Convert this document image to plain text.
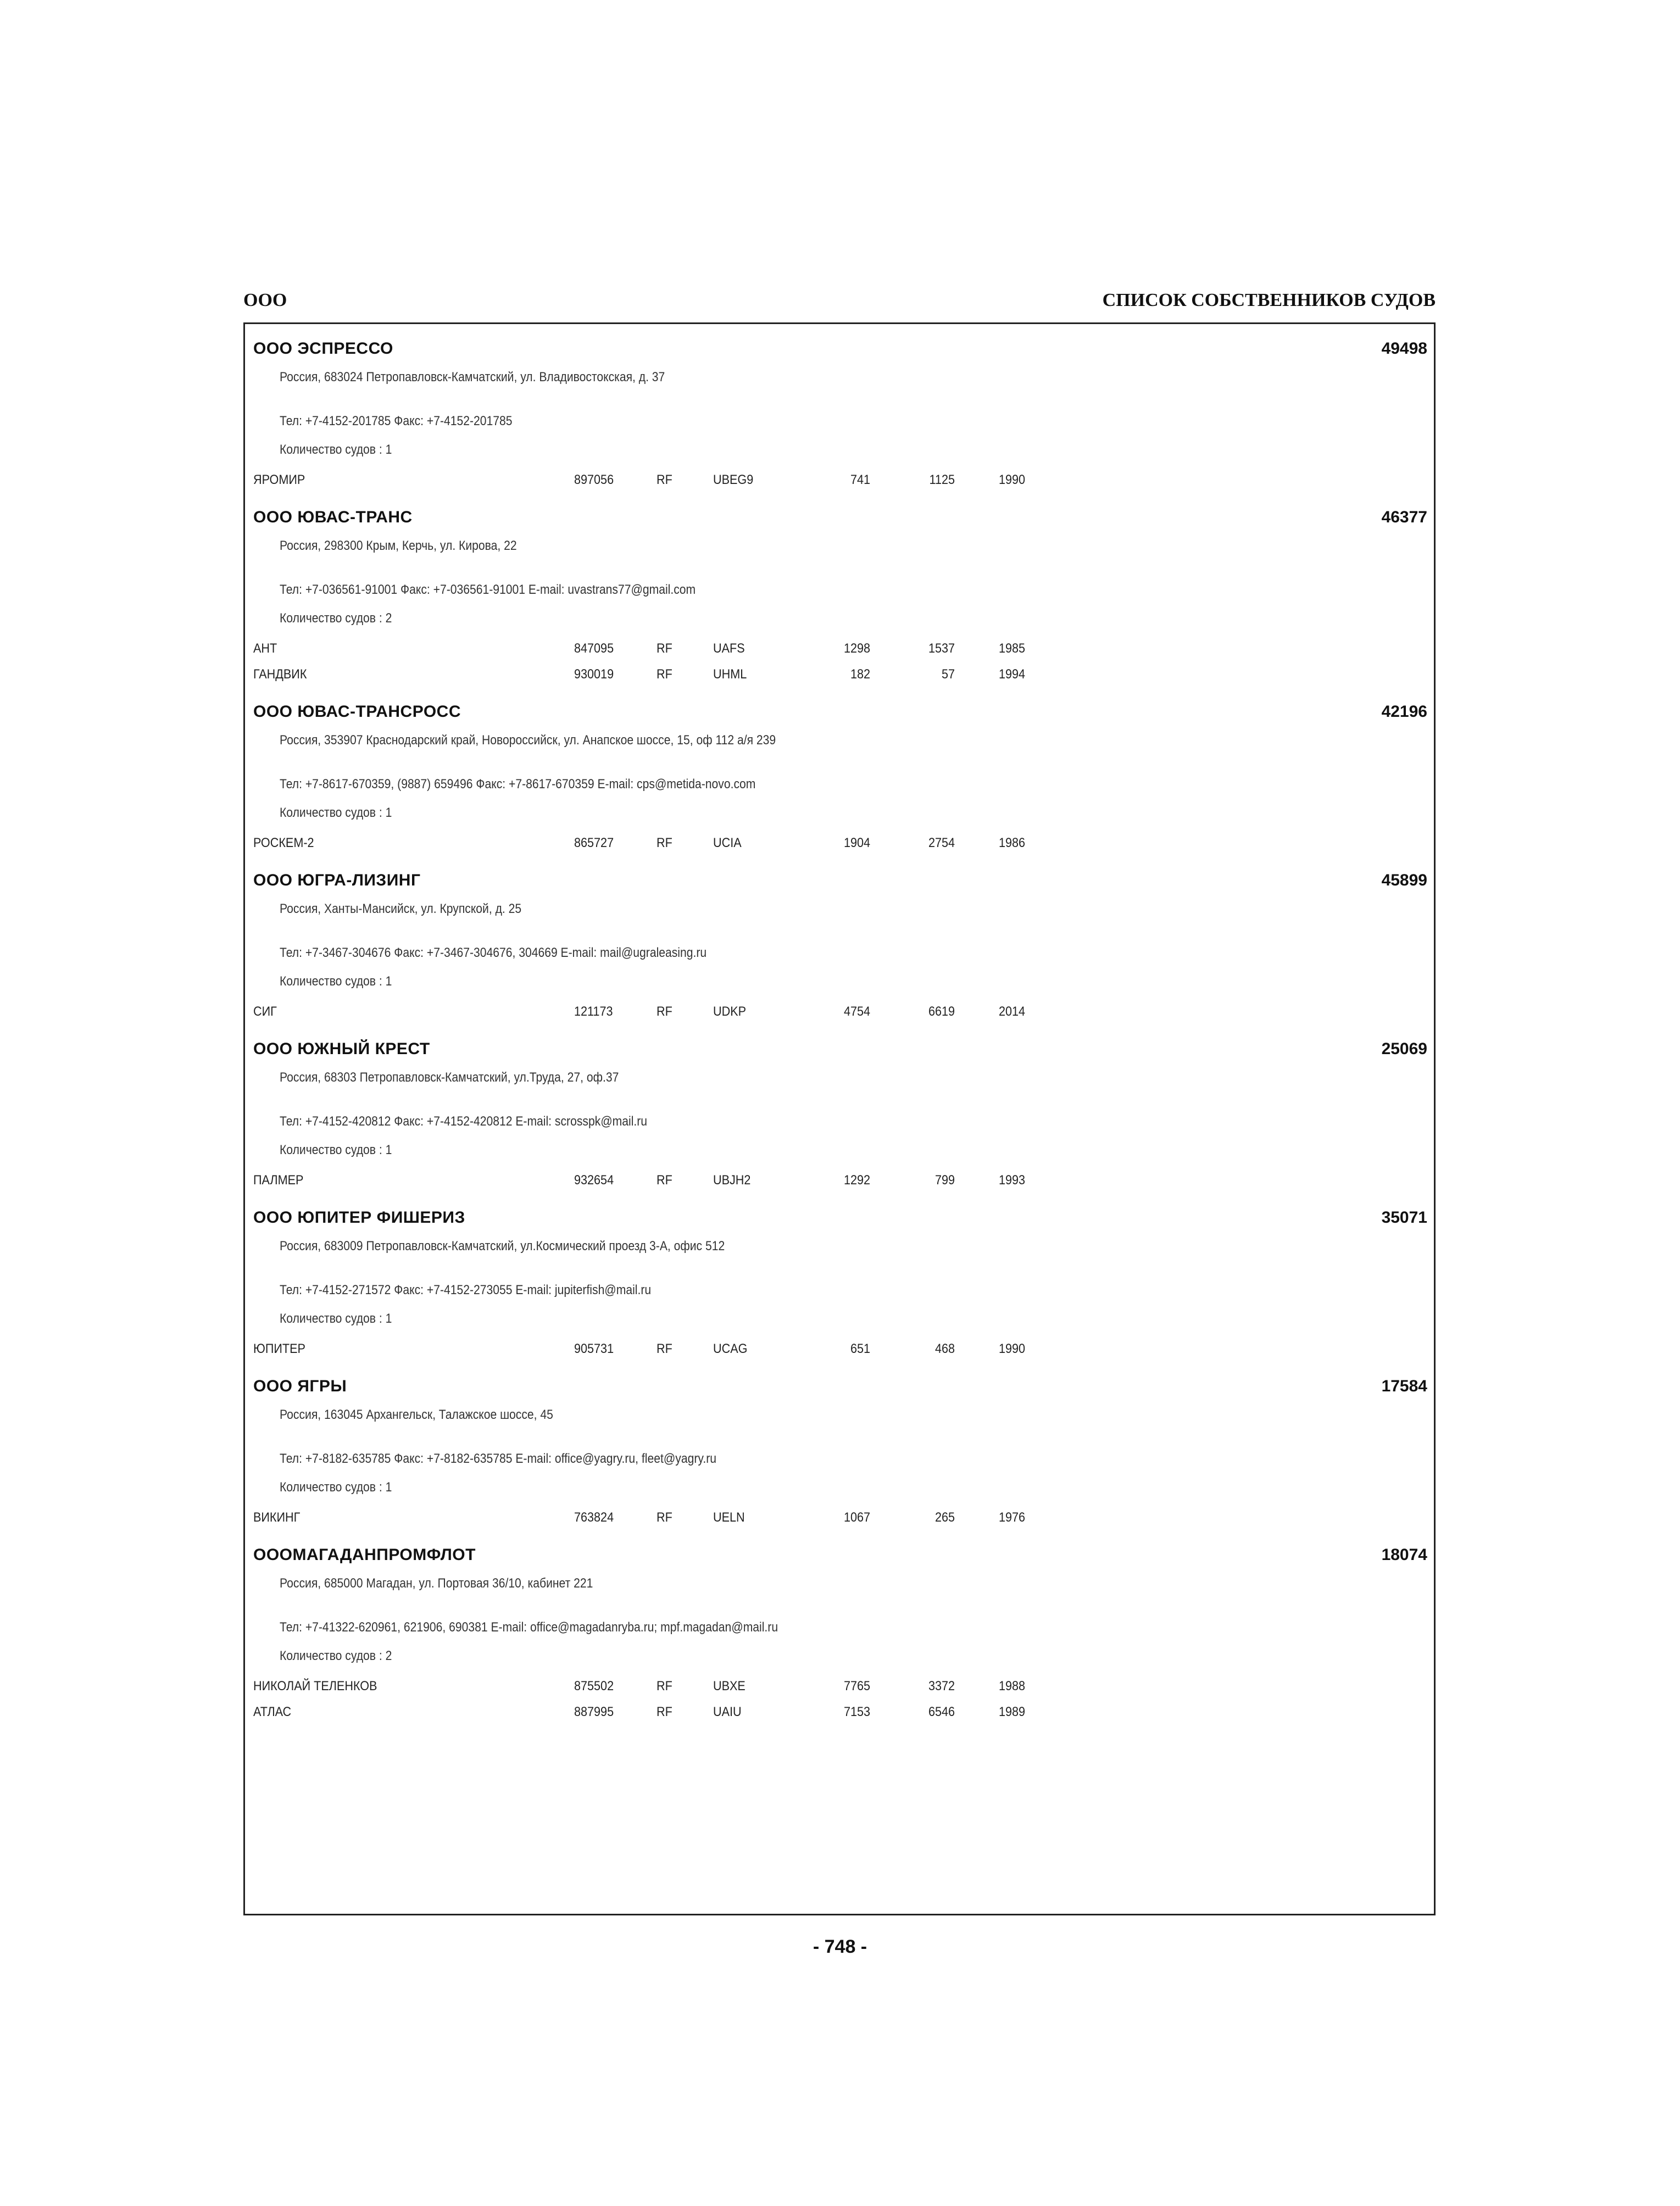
ООО	СПИСОК СОБСТВЕННИКОВ СУДОВ
ООО ЭСПРЕССО	49498
Россия, 683024 Петропавловск-Камчатский, ул. Владивостокская, д. 37
Тел: +7-4152-201785 Факс: +7-4152-201785
Количество судов : 1
ЯРОМИР	897056	RF	UBEG9	741	1125	1990
ООО ЮВАС-ТРАНС	46377
Россия, 298300 Крым, Керчь, ул. Кирова, 22
Тел: +7-036561-91001 Факс: +7-036561-91001 E-mail: uvastrans77@gmail.com
Количество судов : 2
АНТ	847095	RF	UAFS	1298	1537	1985
ГАНДВИК	930019	RF	UHML	182	57	1994
ООО ЮВАС-ТРАНСРОСС	42196
Россия, 353907 Краснодарский край, Новороссийск, ул. Анапское шоссе, 15, оф 112 а/я 239
Тел: +7-8617-670359, (9887) 659496 Факс: +7-8617-670359 E-mail: cps@metida-novo.com
Количество судов : 1
РОСКЕМ-2	865727	RF	UCIA	1904	2754	1986
ООО ЮГРА-ЛИЗИНГ	45899
Россия, Ханты-Мансийск, ул. Крупской, д. 25
Тел: +7-3467-304676 Факс: +7-3467-304676, 304669 E-mail: mail@ugraleasing.ru
Количество судов : 1
СИГ	121173	RF	UDKP	4754	6619	2014
ООО ЮЖНЫЙ КРЕСТ	25069
Россия, 68303 Петропавловск-Камчатский, ул.Труда, 27, оф.37
Тел: +7-4152-420812 Факс: +7-4152-420812 E-mail: scrosspk@mail.ru
Количество судов : 1
ПАЛМЕР	932654	RF	UBJH2	1292	799	1993
ООО ЮПИТЕР ФИШЕРИЗ	35071
Россия, 683009 Петропавловск-Камчатский, ул.Космический проезд 3-А, офис 512
Тел: +7-4152-271572 Факс: +7-4152-273055 E-mail: jupiterfish@mail.ru
Количество судов : 1
ЮПИТЕР	905731	RF	UCAG	651	468	1990
ООО ЯГРЫ	17584
Россия, 163045 Архангельск, Талажское шоссе, 45
Тел: +7-8182-635785 Факс: +7-8182-635785 E-mail: office@yagry.ru, fleet@yagry.ru
Количество судов : 1
ВИКИНГ	763824	RF	UELN	1067	265	1976
ОООМАГАДАНПРОМФЛОТ	18074
Россия, 685000 Магадан, ул. Портовая 36/10, кабинет 221
Тел: +7-41322-620961, 621906, 690381 E-mail: office@magadanryba.ru; mpf.magadan@mail.ru
Количество судов : 2
НИКОЛАЙ ТЕЛЕНКОВ	875502	RF	UBXE	7765	3372	1988
АТЛАС	887995	RF	UAIU	7153	6546	1989
- 748 -
